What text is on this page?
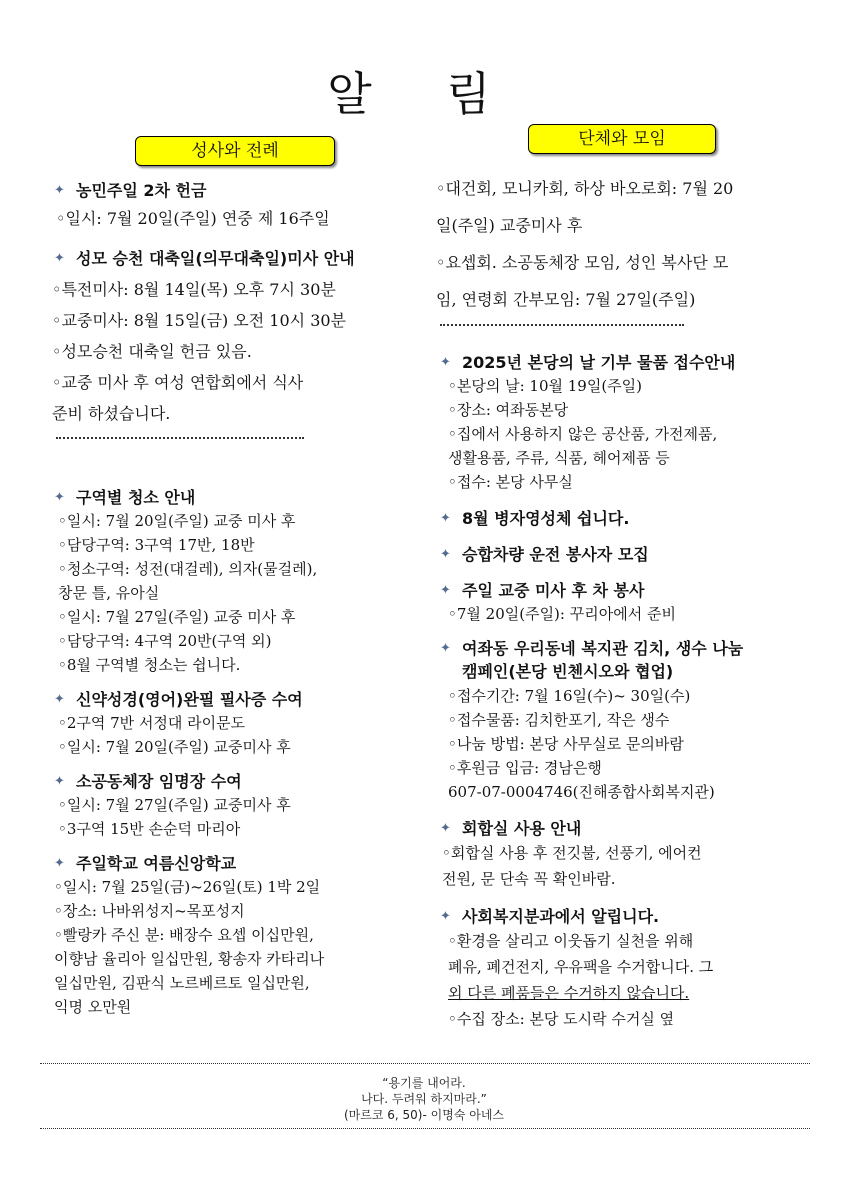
알 림
성사와 전례
단체와 모임
✦ 농민주일 2차 헌금
◦일시: 7월 20일(주일) 연중 제 16주일
✦ 성모 승천 대축일(의무대축일)미사 안내
◦특전미사: 8월 14일(목) 오후 7시 30분
◦교중미사: 8월 15일(금) 오전 10시 30분
◦성모승천 대축일 헌금 있음.
◦교중 미사 후 여성 연합회에서 식사
준비 하셨습니다.
✦ 구역별 청소 안내
◦일시: 7월 20일(주일) 교중 미사 후
◦담당구역: 3구역 17반, 18반
◦청소구역: 성전(대걸레), 의자(물걸레),
창문 틀, 유아실
◦일시: 7월 27일(주일) 교중 미사 후
◦담당구역: 4구역 20반(구역 외)
◦8월 구역별 청소는 쉽니다.
✦ 신약성경(영어)완필 필사증 수여
◦2구역 7반 서정대 라이문도
◦일시: 7월 20일(주일) 교중미사 후
✦ 소공동체장 임명장 수여
◦일시: 7월 27일(주일) 교중미사 후
◦3구역 15반 손순덕 마리아
✦ 주일학교 여름신앙학교
◦일시: 7월 25일(금)~26일(토) 1박 2일
◦장소: 나바위성지~목포성지
◦빨랑카 주신 분: 배장수 요셉 이십만원,
이향남 율리아 일십만원, 황송자 카타리나
일십만원, 김판식 노르베르토 일십만원,
익명 오만원
◦대건회, 모니카회, 하상 바오로회: 7월 20
일(주일) 교중미사 후
◦요셉회. 소공동체장 모임, 성인 복사단 모
임, 연령회 간부모임: 7월 27일(주일)
✦ 2025년 본당의 날 기부 물품 접수안내
◦본당의 날: 10월 19일(주일)
◦장소: 여좌동본당
◦집에서 사용하지 않은 공산품, 가전제품,
생활용품, 주류, 식품, 헤어제품 등
◦접수: 본당 사무실
✦ 8월 병자영성체 쉽니다.
✦ 승합차량 운전 봉사자 모집
✦ 주일 교중 미사 후 차 봉사
◦7월 20일(주일): 꾸리아에서 준비
✦ 여좌동 우리동네 복지관 김치, 생수 나눔
캠페인(본당 빈첸시오와 협업)
◦접수기간: 7월 16일(수)~ 30일(수)
◦접수물품: 김치한포기, 작은 생수
◦나눔 방법: 본당 사무실로 문의바람
◦후원금 입금: 경남은행
607-07-0004746(진해종합사회복지관)
✦ 회합실 사용 안내
◦회합실 사용 후 전깃불, 선풍기, 에어컨
전원, 문 단속 꼭 확인바람.
✦ 사회복지분과에서 알립니다.
◦환경을 살리고 이웃돕기 실천을 위해
폐유, 폐건전지, 우유팩을 수거합니다. 그
외 다른 폐품들은 수거하지 않습니다.
◦수집 장소: 본당 도시락 수거실 옆
“용기를 내어라.
나다. 두려워 하지마라.”
(마르코 6, 50)- 이명숙 아네스
